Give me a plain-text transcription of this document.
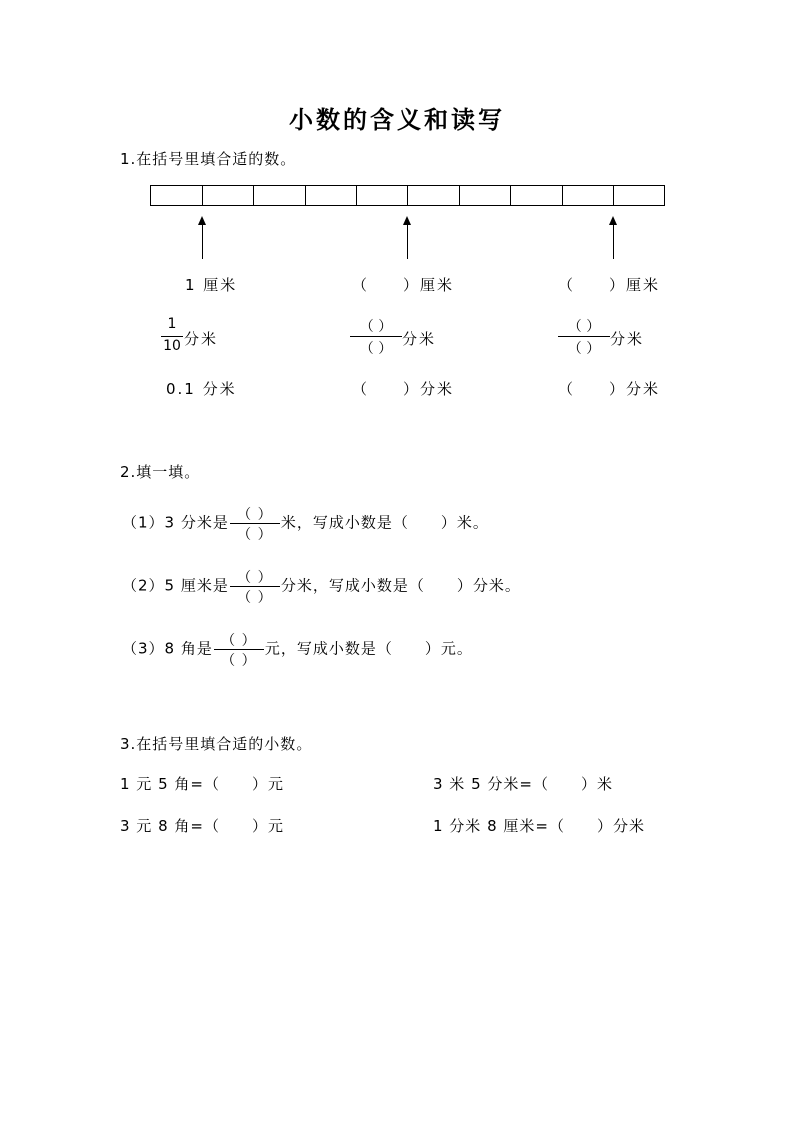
小数的含义和读写
1.在括号里填合适的数。
1 厘米
1
10 分米
0.1 分米
（　　）厘米
（ ）
（ ）
分米
（　　）分米
（　　）厘米
（ ）
（ ）
分米
（　　）分米
2.填一填。
（1）3 分米是 $\frac{( )}{( )}$ 米，写成小数是（　　）米。
（2）5 厘米是 $\frac{( )}{( )}$ 分米，写成小数是（　　）分米。
（3）8 角是 $\frac{( )}{( )}$ 元，写成小数是（　　）元。
3.在括号里填合适的小数。
1 元 5 角=（　　）元	3 米 5 分米=（　　）米
3 元 8 角=（　　）元	1 分米 8 厘米=（　　）分米
